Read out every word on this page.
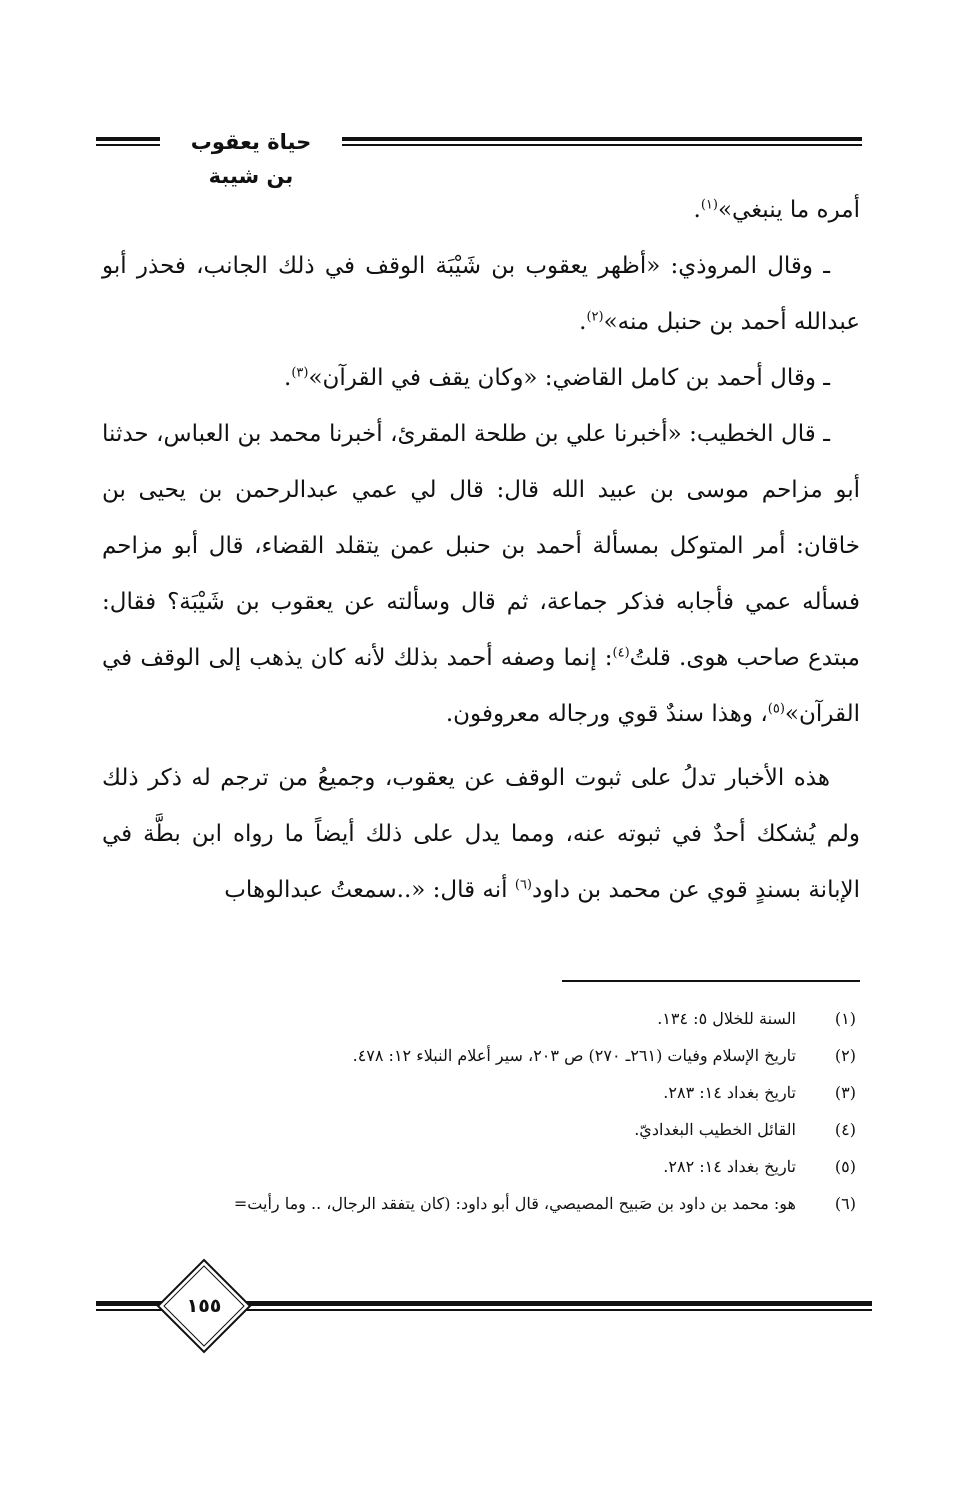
حياة يعقوب بن شيبة

أمره ما ينبغي»$^{(١)}$.

ـ وقال المروذي: «أظهر يعقوب بن شَيْبَة الوقف في ذلك الجانب، فحذر أبو عبدالله أحمد بن حنبل منه»$^{(٢)}$.

ـ وقال أحمد بن كامل القاضي: «وكان يقف في القرآن»$^{(٣)}$.

ـ قال الخطيب: «أخبرنا علي بن طلحة المقرئ، أخبرنا محمد بن العباس، حدثنا أبو مزاحم موسى بن عبيد الله قال: قال لي عمي عبدالرحمن بن يحيى بن خاقان: أمر المتوكل بمسألة أحمد بن حنبل عمن يتقلد القضاء، قال أبو مزاحم فسأله عمي فأجابه فذكر جماعة، ثم قال وسألته عن يعقوب بن شَيْبَة؟ فقال: مبتدع صاحب هوى. قلتُ$^{(٤)}$: إنما وصفه أحمد بذلك لأنه كان يذهب إلى الوقف في القرآن»$^{(٥)}$، وهذا سندٌ قوي ورجاله معروفون.

هذه الأخبار تدلُ على ثبوت الوقف عن يعقوب، وجميعُ من ترجم له ذكر ذلك ولم يُشكك أحدٌ في ثبوته عنه، ومما يدل على ذلك أيضاً ما رواه ابن بطَّة في الإبانة بسندٍ قوي عن محمد بن داود$^{(٦)}$ أنه قال: «..سمعتُ عبدالوهاب

(١)
السنة للخلال ٥: ١٣٤.
(٢)
تاريخ الإسلام وفيات (٢٦١ـ ٢٧٠) ص ٢٠٣، سير أعلام النبلاء ١٢: ٤٧٨.
(٣)
تاريخ بغداد ١٤: ٢٨٣.
(٤)
القائل الخطيب البغداديّ.
(٥)
تاريخ بغداد ١٤: ٢٨٢.
(٦)
هو: محمد بن داود بن صَبيح المصيصي، قال أبو داود: (كان يتفقد الرجال، .. وما رأيت=
١٥٥
